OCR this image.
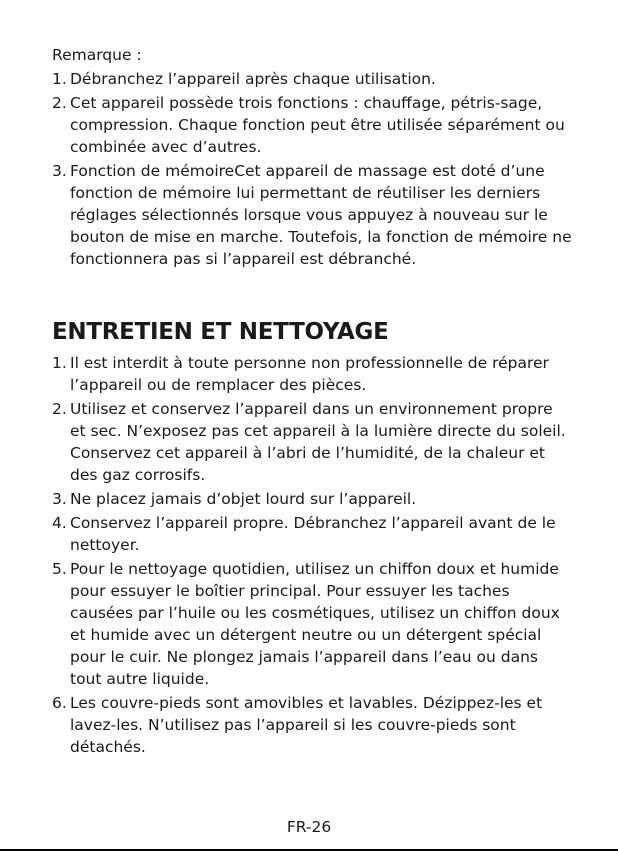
Remarque :

1. Débranchez l’appareil après chaque utilisation.
2. Cet appareil possède trois fonctions : chauffage, pétris-sage, compression. Chaque fonction peut être utilisée séparément ou combinée avec d’autres.
3. Fonction de mémoireCet appareil de massage est doté d’une fonction de mémoire lui permettant de réutiliser les derniers réglages sélectionnés lorsque vous appuyez à nouveau sur le bouton de mise en marche. Toutefois, la fonction de mémoire ne fonctionnera pas si l’appareil est débranché.
ENTRETIEN ET NETTOYAGE
1. Il est interdit à toute personne non professionnelle de réparer l’appareil ou de remplacer des pièces.
2. Utilisez et conservez l’appareil dans un environnement propre et sec. N’exposez pas cet appareil à la lumière directe du soleil. Conservez cet appareil à l’abri de l’humidité, de la chaleur et des gaz corrosifs.
3. Ne placez jamais d’objet lourd sur l’appareil.
4. Conservez l’appareil propre. Débranchez l’appareil avant de le nettoyer.
5. Pour le nettoyage quotidien, utilisez un chiffon doux et humide pour essuyer le boîtier principal. Pour essuyer les taches causées par l’huile ou les cosmétiques, utilisez un chiffon doux et humide avec un détergent neutre ou un détergent spécial pour le cuir. Ne plongez jamais l’appareil dans l’eau ou dans tout autre liquide.
6. Les couvre-pieds sont amovibles et lavables. Dézippez-les et lavez-les. N’utilisez pas l’appareil si les couvre-pieds sont détachés.
FR-26
